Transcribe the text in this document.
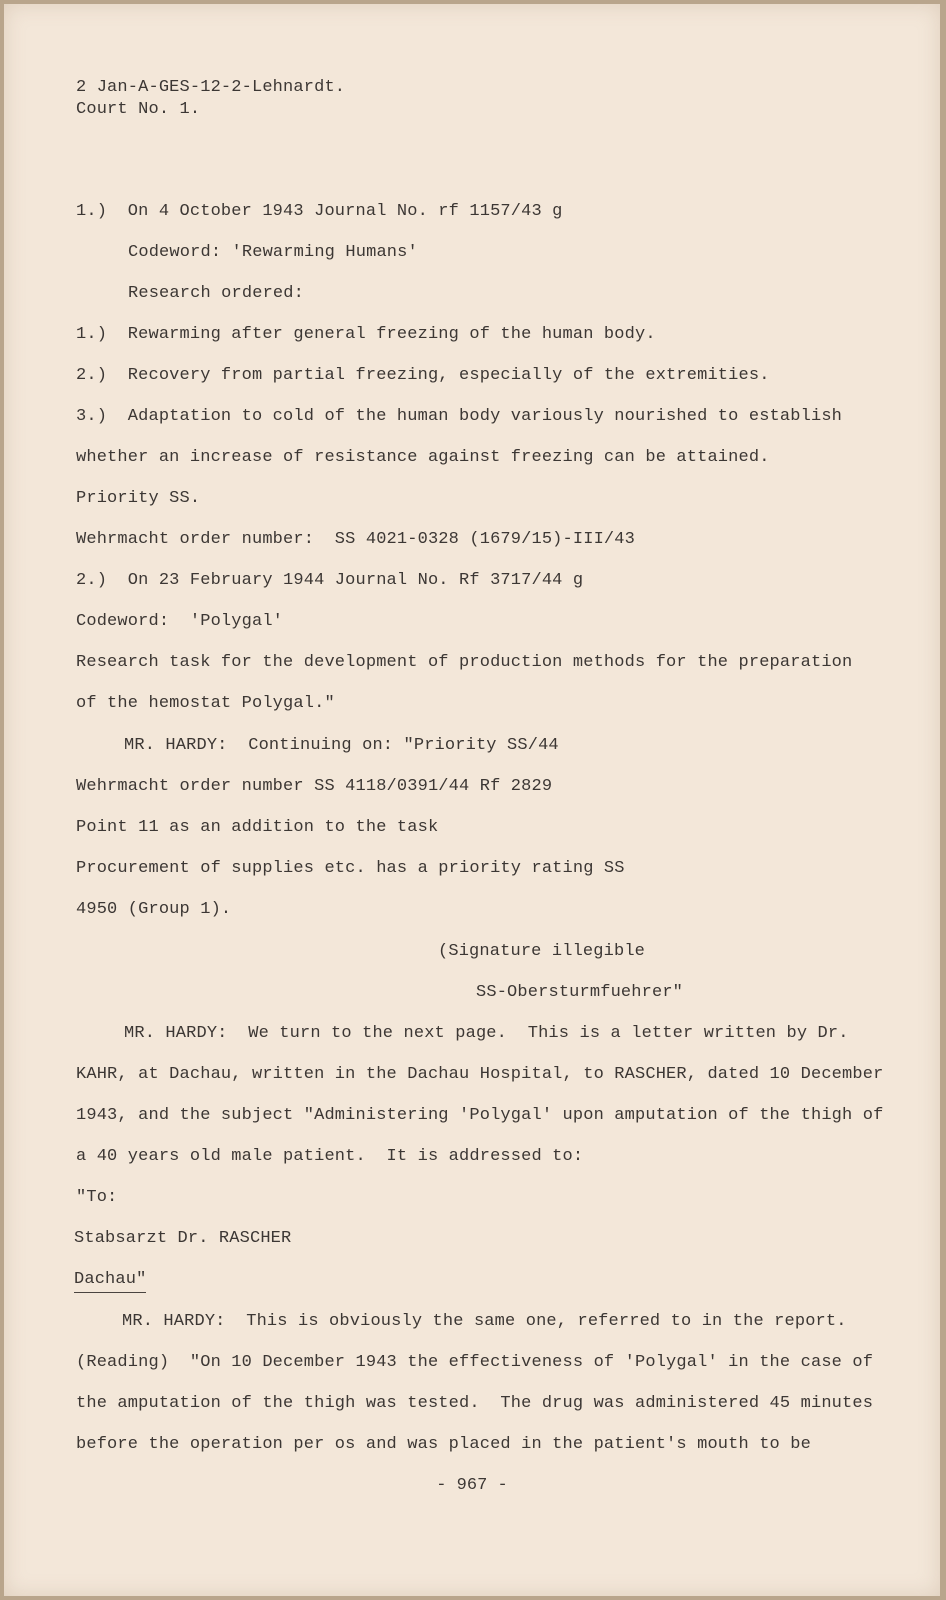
2 Jan-A-GES-12-2-Lehnardt.
Court No. 1.
1.)  On 4 October 1943 Journal No. rf 1157/43 g
Codeword: 'Rewarming Humans'
Research ordered:
1.)  Rewarming after general freezing of the human body.
2.)  Recovery from partial freezing, especially of the extremities.
3.)  Adaptation to cold of the human body variously nourished to establish
whether an increase of resistance against freezing can be attained.
Priority SS.
Wehrmacht order number:  SS 4021-0328 (1679/15)-III/43
2.)  On 23 February 1944 Journal No. Rf 3717/44 g
Codeword:  'Polygal'
Research task for the development of production methods for the preparation
of the hemostat Polygal."
MR. HARDY:  Continuing on: "Priority SS/44
Wehrmacht order number SS 4118/0391/44 Rf 2829
Point 11 as an addition to the task
Procurement of supplies etc. has a priority rating SS
4950 (Group 1).
(Signature illegible
SS-Obersturmfuehrer"
MR. HARDY:  We turn to the next page.  This is a letter written by Dr.
KAHR, at Dachau, written in the Dachau Hospital, to RASCHER, dated 10 December
1943, and the subject "Administering 'Polygal' upon amputation of the thigh of
a 40 years old male patient.  It is addressed to:
"To:
Stabsarzt Dr. RASCHER
Dachau"
MR. HARDY:  This is obviously the same one, referred to in the report.
(Reading)  "On 10 December 1943 the effectiveness of 'Polygal' in the case of
the amputation of the thigh was tested.  The drug was administered 45 minutes
before the operation per os and was placed in the patient's mouth to be
- 967 -
